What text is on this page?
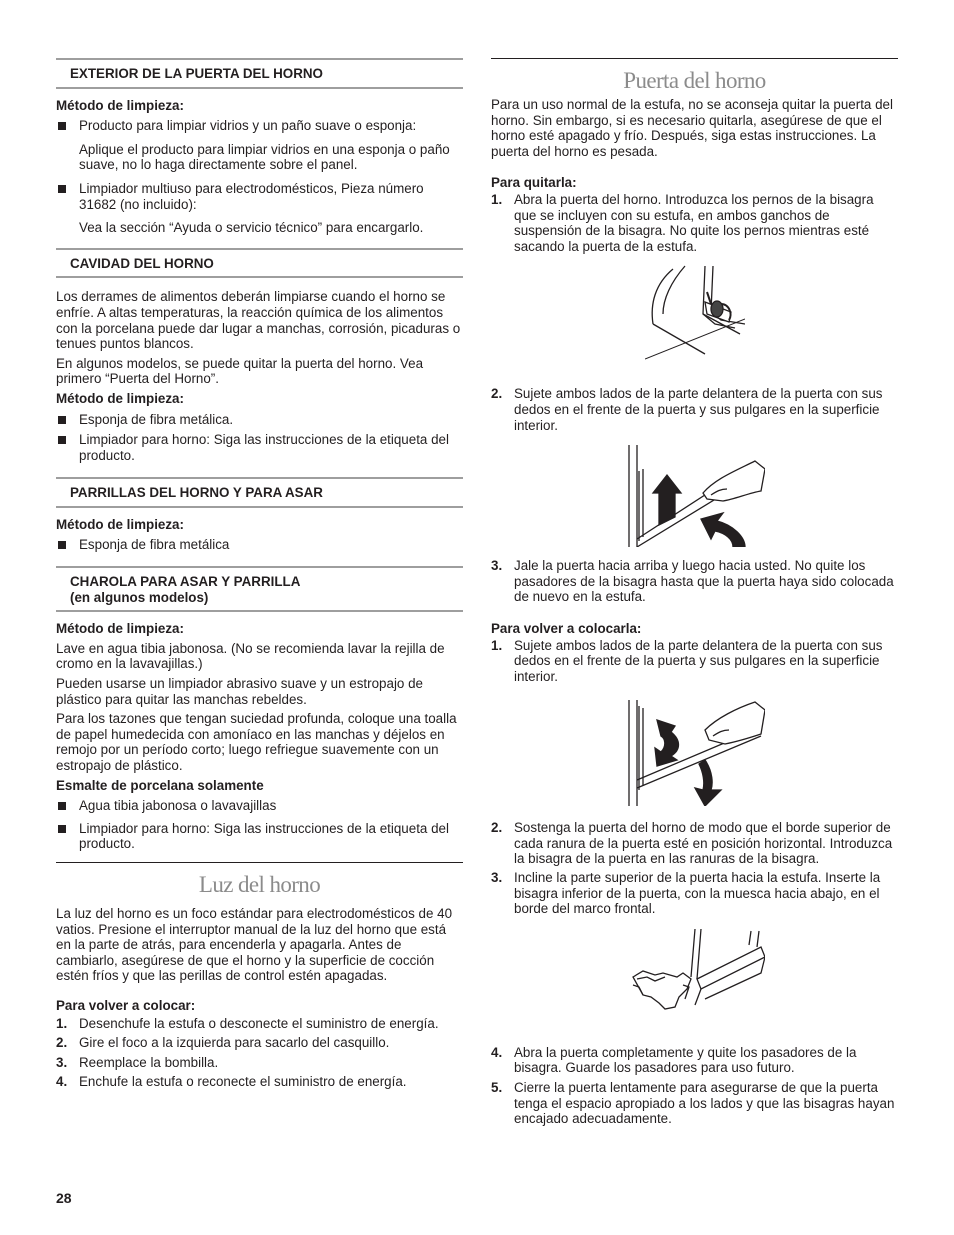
EXTERIOR DE LA PUERTA DEL HORNO
Método de limpieza:
Producto para limpiar vidrios y un paño suave o esponja:
Aplique el producto para limpiar vidrios en una esponja o paño suave, no lo haga directamente sobre el panel.
Limpiador multiuso para electrodomésticos, Pieza número 31682 (no incluido):
Vea la sección “Ayuda o servicio técnico” para encargarlo.
CAVIDAD DEL HORNO

Los derrames de alimentos deberán limpiarse cuando el horno se enfríe. A altas temperaturas, la reacción química de los alimentos con la porcelana puede dar lugar a manchas, corrosión, picaduras o tenues puntos blancos.

En algunos modelos, se puede quitar la puerta del horno. Vea primero “Puerta del Horno”.

Método de limpieza:
Esponja de fibra metálica.
Limpiador para horno: Siga las instrucciones de la etiqueta del producto.
PARRILLAS DEL HORNO Y PARA ASAR
Método de limpieza:
Esponja de fibra metálica
CHAROLA PARA ASAR Y PARRILLA
(en algunos modelos)
Método de limpieza:

Lave en agua tibia jabonosa. (No se recomienda lavar la rejilla de cromo en la lavavajillas.)

Pueden usarse un limpiador abrasivo suave y un estropajo de plástico para quitar las manchas rebeldes.

Para los tazones que tengan suciedad profunda, coloque una toalla de papel humedecida con amoníaco en las manchas y déjelos en remojo por un período corto; luego refriegue suavemente con un estropajo de plástico.

Esmalte de porcelana solamente
Agua tibia jabonosa o lavavajillas
Limpiador para horno: Siga las instrucciones de la etiqueta del producto.
Luz del horno

La luz del horno es un foco estándar para electrodomésticos de 40 vatios. Presione el interruptor manual de la luz del horno que está en la parte de atrás, para encenderla y apagarla. Antes de cambiarlo, asegúrese de que el horno y la superficie de cocción estén fríos y que las perillas de control estén apagadas.

Para volver a colocar:
1. Desenchufe la estufa o desconecte el suministro de energía.
2. Gire el foco a la izquierda para sacarlo del casquillo.
3. Reemplace la bombilla.
4. Enchufe la estufa o reconecte el suministro de energía.
Puerta del horno

Para un uso normal de la estufa, no se aconseja quitar la puerta del horno. Sin embargo, si es necesario quitarla, asegúrese de que el horno esté apagado y frío. Después, siga estas instrucciones. La puerta del horno es pesada.

Para quitarla:
1. Abra la puerta del horno. Introduzca los pernos de la bisagra que se incluyen con su estufa, en ambos ganchos de suspensión de la bisagra. No quite los pernos mientras esté sacando la puerta de la estufa.
2. Sujete ambos lados de la parte delantera de la puerta con sus dedos en el frente de la puerta y sus pulgares en la superficie interior.
3. Jale la puerta hacia arriba y luego hacia usted. No quite los pasadores de la bisagra hasta que la puerta haya sido colocada de nuevo en la estufa.
Para volver a colocarla:
1. Sujete ambos lados de la parte delantera de la puerta con sus dedos en el frente de la puerta y sus pulgares en la superficie interior.
2. Sostenga la puerta del horno de modo que el borde superior de cada ranura de la puerta esté en posición horizontal. Introduzca la bisagra de la puerta en las ranuras de la bisagra.
3. Incline la parte superior de la puerta hacia la estufa. Inserte la bisagra inferior de la puerta, con la muesca hacia abajo, en el borde del marco frontal.
4. Abra la puerta completamente y quite los pasadores de la bisagra. Guarde los pasadores para uso futuro.
5. Cierre la puerta lentamente para asegurarse de que la puerta tenga el espacio apropiado a los lados y que las bisagras hayan encajado adecuadamente.
28
